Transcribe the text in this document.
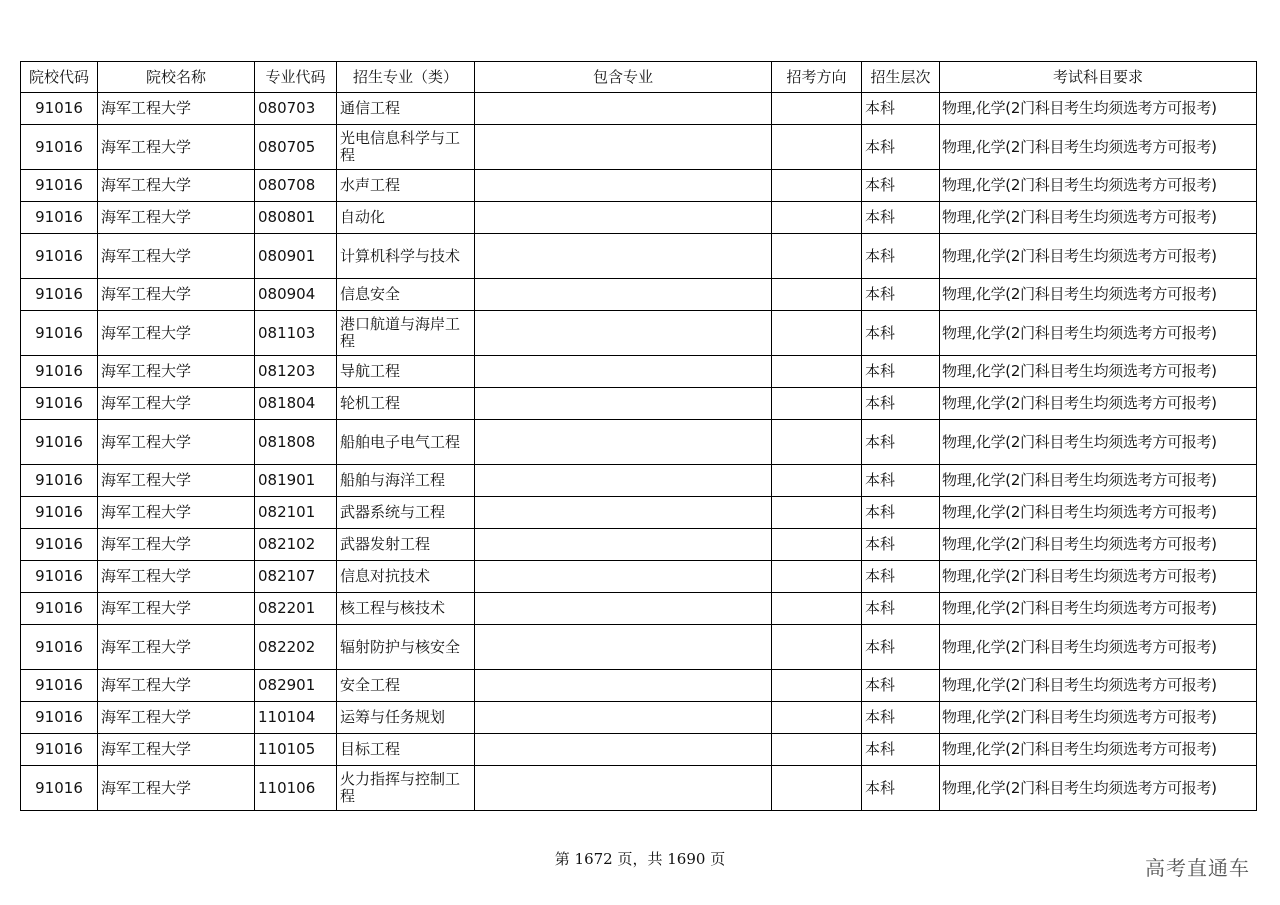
院校代码	院校名称	专业代码	招生专业（类）	包含专业	招考方向	招生层次	考试科目要求
91016	海军工程大学	080703	通信工程			本科	物理,化学(2门科目考生均须选考方可报考)
91016	海军工程大学	080705	光电信息科学与工程			本科	物理,化学(2门科目考生均须选考方可报考)
91016	海军工程大学	080708	水声工程			本科	物理,化学(2门科目考生均须选考方可报考)
91016	海军工程大学	080801	自动化			本科	物理,化学(2门科目考生均须选考方可报考)
91016	海军工程大学	080901	计算机科学与技术			本科	物理,化学(2门科目考生均须选考方可报考)
91016	海军工程大学	080904	信息安全			本科	物理,化学(2门科目考生均须选考方可报考)
91016	海军工程大学	081103	港口航道与海岸工程			本科	物理,化学(2门科目考生均须选考方可报考)
91016	海军工程大学	081203	导航工程			本科	物理,化学(2门科目考生均须选考方可报考)
91016	海军工程大学	081804	轮机工程			本科	物理,化学(2门科目考生均须选考方可报考)
91016	海军工程大学	081808	船舶电子电气工程			本科	物理,化学(2门科目考生均须选考方可报考)
91016	海军工程大学	081901	船舶与海洋工程			本科	物理,化学(2门科目考生均须选考方可报考)
91016	海军工程大学	082101	武器系统与工程			本科	物理,化学(2门科目考生均须选考方可报考)
91016	海军工程大学	082102	武器发射工程			本科	物理,化学(2门科目考生均须选考方可报考)
91016	海军工程大学	082107	信息对抗技术			本科	物理,化学(2门科目考生均须选考方可报考)
91016	海军工程大学	082201	核工程与核技术			本科	物理,化学(2门科目考生均须选考方可报考)
91016	海军工程大学	082202	辐射防护与核安全			本科	物理,化学(2门科目考生均须选考方可报考)
91016	海军工程大学	082901	安全工程			本科	物理,化学(2门科目考生均须选考方可报考)
91016	海军工程大学	110104	运筹与任务规划			本科	物理,化学(2门科目考生均须选考方可报考)
91016	海军工程大学	110105	目标工程			本科	物理,化学(2门科目考生均须选考方可报考)
91016	海军工程大学	110106	火力指挥与控制工程			本科	物理,化学(2门科目考生均须选考方可报考)
第 1672 页，共 1690 页	高考直通车
